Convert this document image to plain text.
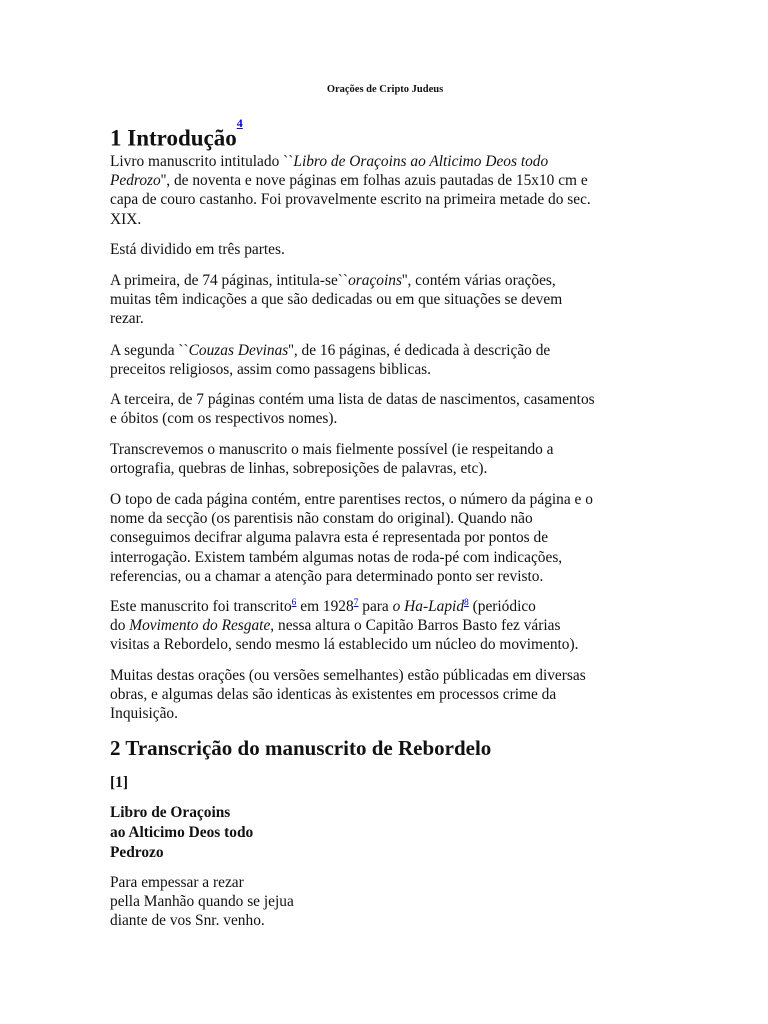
Orações de Cripto Judeus
1 Introdução$^{^4}$

Livro manuscrito intitulado ``Libro de Oraçoins ao Alticimo Deos todo
Pedrozo'', de noventa e nove páginas em folhas azuis pautadas de 15x10 cm e
capa de couro castanho. Foi provavelmente escrito na primeira metade do sec.
XIX.

Está dividido em três partes.

A primeira, de 74 páginas, intitula-se``oraçoins'', contém várias orações,
muitas têm indicações a que são dedicadas ou em que situações se devem
rezar.

A segunda ``Couzas Devinas'', de 16 páginas, é dedicada à descrição de
preceitos religiosos, assim como passagens biblicas.

A terceira, de 7 páginas contém uma lista de datas de nascimentos, casamentos
e óbitos (com os respectivos nomes).

Transcrevemos o manuscrito o mais fielmente possível (ie respeitando a
ortografia, quebras de linhas, sobreposições de palavras, etc).

O topo de cada página contém, entre parentises rectos, o número da página e o
nome da secção (os parentisis não constam do original). Quando não
conseguimos decifrar alguma palavra esta é representada por pontos de
interrogação. Existem também algumas notas de roda-pé com indicações,
referencias, ou a chamar a atenção para determinado ponto ser revisto.

Este manuscrito foi transcrito$^6$ em 1928$^7$ para o Ha-Lapid$^8$ (periódico
do Movimento do Resgate, nessa altura o Capitão Barros Basto fez várias
visitas a Rebordelo, sendo mesmo lá establecido um núcleo do movimento).

Muitas destas orações (ou versões semelhantes) estão públicadas em diversas
obras, e algumas delas são identicas às existentes em processos crime da
Inquisição.

2 Transcrição do manuscrito de Rebordelo

[1]

Libro de Oraçoins
ao Alticimo Deos todo
Pedrozo

Para empessar a rezar
pella Manhão quando se jejua
diante de vos Snr. venho.
